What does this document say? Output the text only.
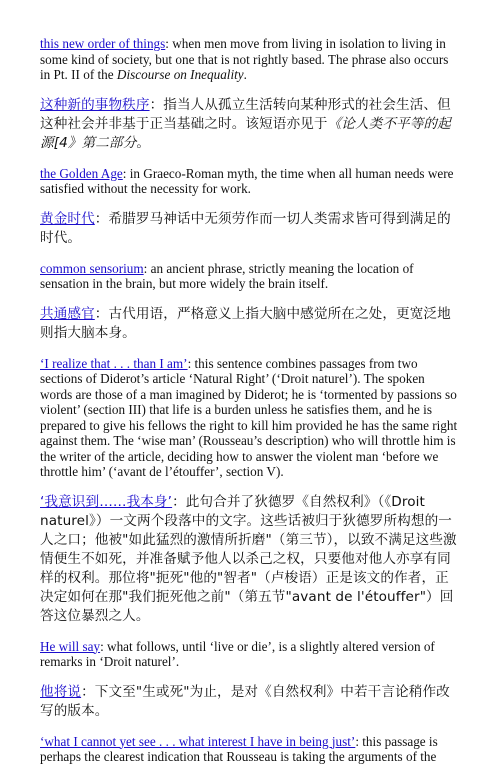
this new order of things: when men move from living in isolation to living in some kind of society, but one that is not rightly based. The phrase also occurs in Pt. II of the Discourse on Inequality.

这种新的事物秩序：指当人从孤立生活转向某种形式的社会生活、但这种社会并非基于正当基础之时。该短语亦见于《论人类不平等的起源[4》第二部分。

the Golden Age: in Graeco-Roman myth, the time when all human needs were satisfied without the necessity for work.

黄金时代：希腊罗马神话中无须劳作而一切人类需求皆可得到满足的时代。

common sensorium: an ancient phrase, strictly meaning the location of sensation in the brain, but more widely the brain itself.

共通感官：古代用语，严格意义上指大脑中感觉所在之处，更宽泛地则指大脑本身。

‘I realize that . . . than I am’: this sentence combines passages from two sections of Diderot’s article ‘Natural Right’ (‘Droit naturel’). The spoken words are those of a man imagined by Diderot; he is ‘tormented by passions so violent’ (section III) that life is a burden unless he satisfies them, and he is prepared to give his fellows the right to kill him provided he has the same right against them. The ‘wise man’ (Rousseau’s description) who will throttle him is the writer of the article, deciding how to answer the violent man ‘before we throttle him’ (‘avant de l’étouffer’, section V).

‘我意识到……我本身’：此句合并了狄德罗《自然权利》（《Droit naturel》）一文两个段落中的文字。这些话被归于狄德罗所构想的一人之口；他被"如此猛烈的激情所折磨"（第三节），以致不满足这些激情便生不如死，并准备赋予他人以杀己之权，只要他对他人亦享有同样的权利。那位将"扼死"他的"智者"（卢梭语）正是该文的作者，正决定如何在那"我们扼死他之前"（第五节"avant de l'étouffer"）回答这位暴烈之人。

He will say: what follows, until ‘live or die’, is a slightly altered version of remarks in ‘Droit naturel’.

他将说：下文至"生或死"为止，是对《自然权利》中若干言论稍作改写的版本。

‘what I cannot yet see . . . what interest I have in being just’: this passage is perhaps the clearest indication that Rousseau is taking the arguments of the
